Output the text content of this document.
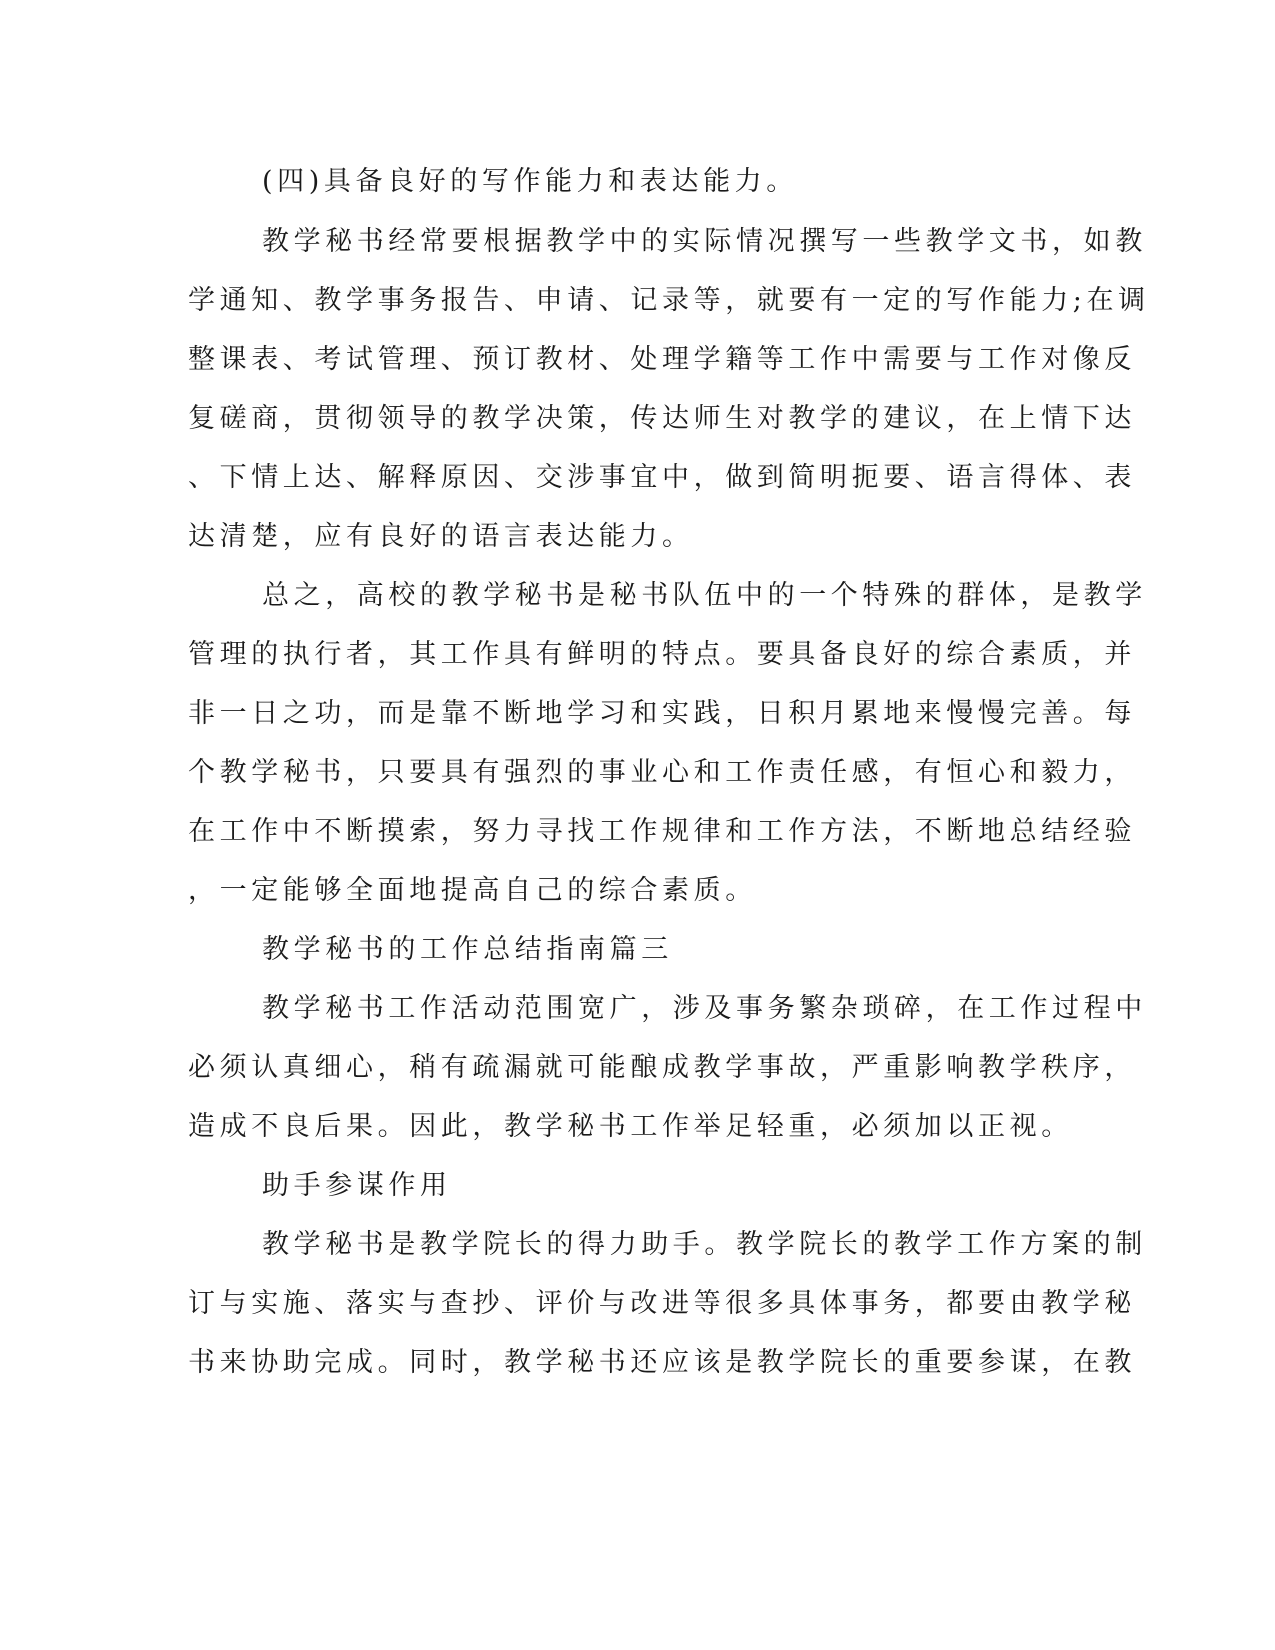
(四)具备良好的写作能力和表达能力。
教学秘书经常要根据教学中的实际情况撰写一些教学文书，如教
学通知、教学事务报告、申请、记录等，就要有一定的写作能力;在调
整课表、考试管理、预订教材、处理学籍等工作中需要与工作对像反
复磋商，贯彻领导的教学决策，传达师生对教学的建议，在上情下达
、下情上达、解释原因、交涉事宜中，做到简明扼要、语言得体、表
达清楚，应有良好的语言表达能力。
总之，高校的教学秘书是秘书队伍中的一个特殊的群体，是教学
管理的执行者，其工作具有鲜明的特点。要具备良好的综合素质，并
非一日之功，而是靠不断地学习和实践，日积月累地来慢慢完善。每
个教学秘书，只要具有强烈的事业心和工作责任感，有恒心和毅力，
在工作中不断摸索，努力寻找工作规律和工作方法，不断地总结经验
，一定能够全面地提高自己的综合素质。
教学秘书的工作总结指南篇三
教学秘书工作活动范围宽广，涉及事务繁杂琐碎，在工作过程中
必须认真细心，稍有疏漏就可能酿成教学事故，严重影响教学秩序，
造成不良后果。因此，教学秘书工作举足轻重，必须加以正视。
助手参谋作用
教学秘书是教学院长的得力助手。教学院长的教学工作方案的制
订与实施、落实与查抄、评价与改进等很多具体事务，都要由教学秘
书来协助完成。同时，教学秘书还应该是教学院长的重要参谋，在教
